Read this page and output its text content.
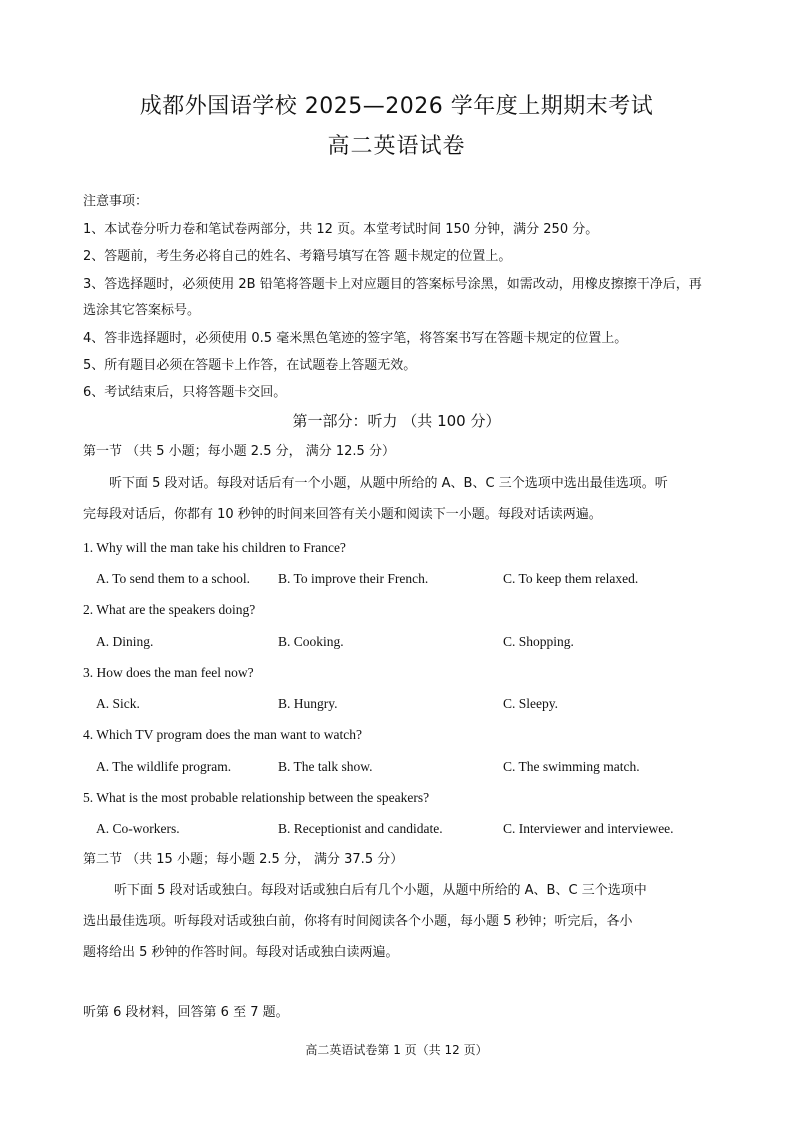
成都外国语学校 2025—2026 学年度上期期末考试
高二英语试卷
注意事项：
1、本试卷分听力卷和笔试卷两部分，共 12 页。本堂考试时间 150 分钟，满分 250 分。
2、答题前，考生务必将自己的姓名、考籍号填写在答 题卡规定的位置上。
3、答选择题时，必须使用 2B 铅笔将答题卡上对应题目的答案标号涂黑，如需改动，用橡皮擦擦干净后，再
选涂其它答案标号。
4、答非选择题时，必须使用 0.5 毫米黑色笔迹的签字笔，将答案书写在答题卡规定的位置上。
5、所有题目必须在答题卡上作答，在试题卷上答题无效。
6、考试结束后，只将答题卡交回。
第一部分：听力 （共 100 分）
第一节 （共 5 小题；每小题 2.5 分， 满分 12.5 分）
听下面 5 段对话。每段对话后有一个小题，从题中所给的 A、B、C 三个选项中选出最佳选项。听
完每段对话后，你都有 10 秒钟的时间来回答有关小题和阅读下一小题。每段对话读两遍。
1. Why will the man take his children to France?
A. To send them to a school. B. To improve their French.	C. To keep them relaxed.
2. What are the speakers doing?
A. Dining.	B. Cooking.	C. Shopping.
3. How does the man feel now?
A. Sick.	B. Hungry.	C. Sleepy.
4. Which TV program does the man want to watch?
A. The wildlife program.	B. The talk show.	C. The swimming match.
5. What is the most probable relationship between the speakers?
A. Co-workers.	B. Receptionist and candidate.	C. Interviewer and interviewee.
第二节 （共 15 小题；每小题 2.5 分， 满分 37.5 分）
听下面 5 段对话或独白。每段对话或独白后有几个小题，从题中所给的 A、B、C 三个选项中
选出最佳选项。听每段对话或独白前，你将有时间阅读各个小题，每小题 5 秒钟；听完后，各小
题将给出 5 秒钟的作答时间。每段对话或独白读两遍。
听第 6 段材料，回答第 6 至 7 题。
高二英语试卷第 1 页（共 12 页）
